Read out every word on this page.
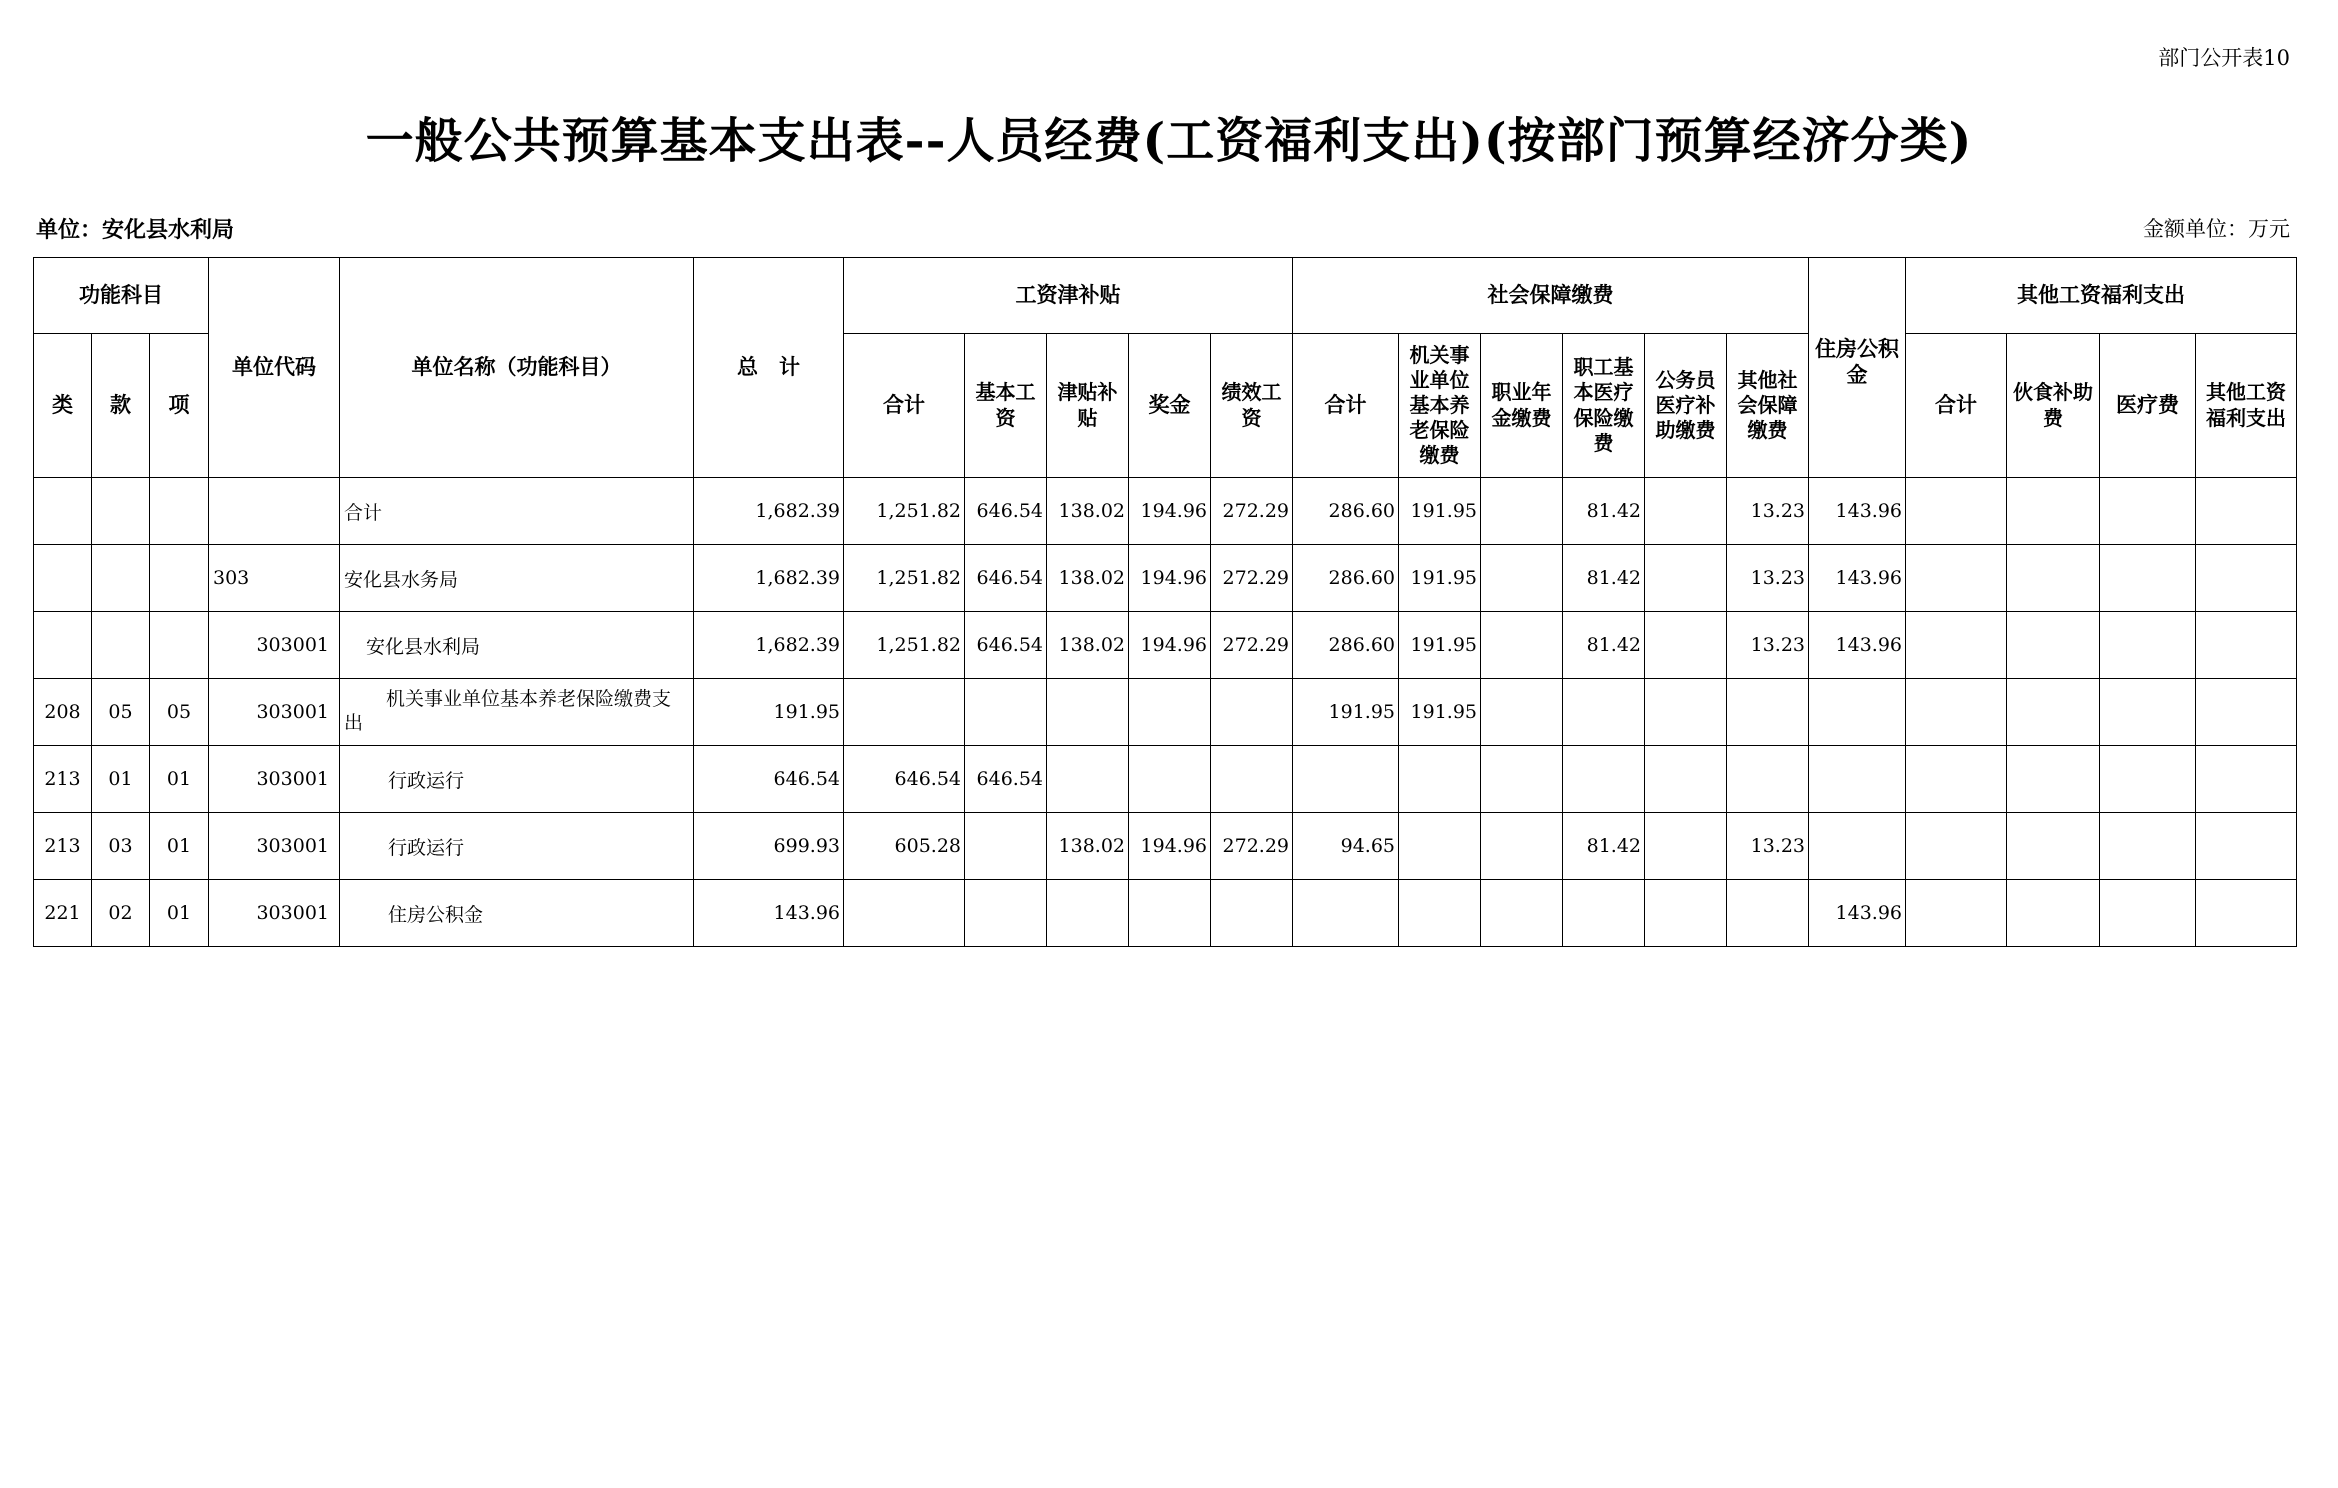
部门公开表10
一般公共预算基本支出表--人员经费(工资福利支出)(按部门预算经济分类)
单位：安化县水利局	金额单位：万元
功能科目			单位代码	单位名称（功能科目）	总　计	工资津补贴					社会保障缴费						住房公积金	其他工资福利支出			
类	款	项				合计	基本工资	津贴补贴	奖金	绩效工资	合计	机关事业单位基本养老保险缴费	职业年金缴费	职工基本医疗保险缴费	公务员医疗补助缴费	其他社会保障缴费		合计	伙食补助费	医疗费	其他工资福利支出
				合计	1,682.39	1,251.82	646.54	138.02	194.96	272.29	286.60	191.95		81.42		13.23	143.96				
			303	安化县水务局	1,682.39	1,251.82	646.54	138.02	194.96	272.29	286.60	191.95		81.42		13.23	143.96				
			303001	安化县水利局	1,682.39	1,251.82	646.54	138.02	194.96	272.29	286.60	191.95		81.42		13.23	143.96				
208	05	05	303001	机关事业单位基本养老保险缴费支出	191.95						191.95	191.95									
213	01	01	303001	行政运行	646.54	646.54	646.54														
213	03	01	303001	行政运行	699.93	605.28		138.02	194.96	272.29	94.65			81.42		13.23					
221	02	01	303001	住房公积金	143.96												143.96				
